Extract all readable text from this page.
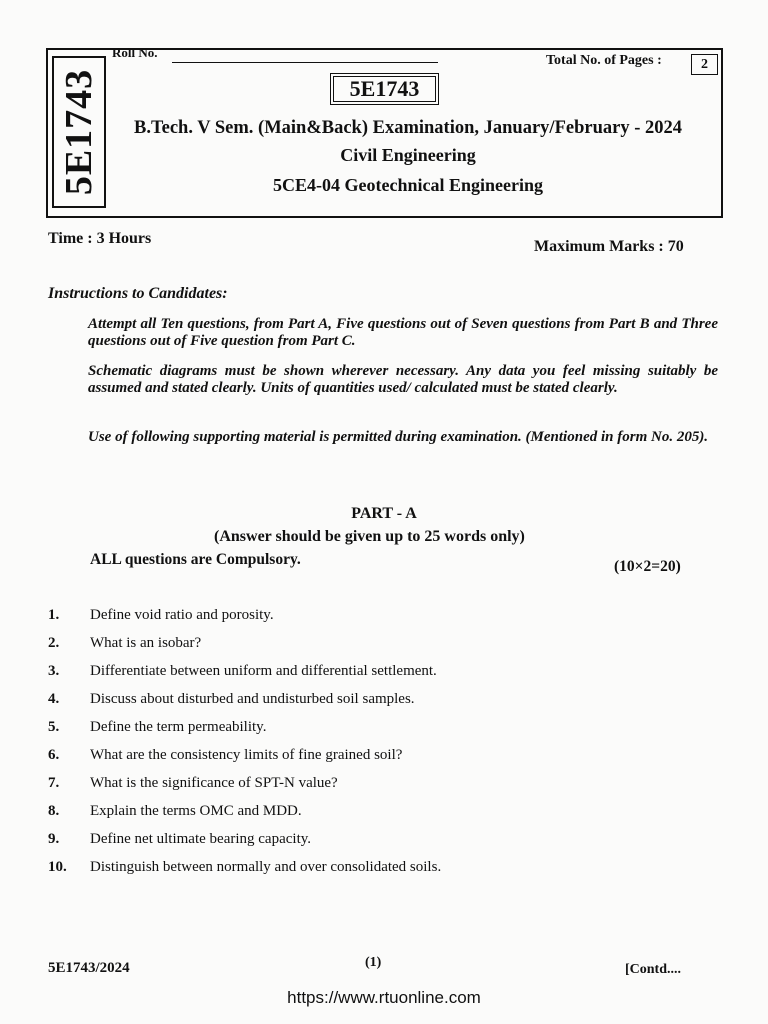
5E1743
Roll No.
Total No. of Pages :	2
5E1743
B.Tech. V Sem. (Main&Back) Examination, January/February - 2024
Civil Engineering
5CE4-04 Geotechnical Engineering
Time : 3 Hours	Maximum Marks : 70
Instructions to Candidates:
Attempt all Ten questions, from Part A, Five questions out of Seven questions from Part B and Three questions out of Five question from Part C.
Schematic diagrams must be shown wherever necessary. Any data you feel missing suitably be assumed and stated clearly. Units of quantities used/ calculated must be stated clearly.
Use of following supporting material is permitted during examination. (Mentioned in form No. 205).
PART - A
(Answer should be given up to 25 words only)
ALL questions are Compulsory.	(10×2=20)
1. Define void ratio and porosity.
2. What is an isobar?
3. Differentiate between uniform and differential settlement.
4. Discuss about disturbed and undisturbed soil samples.
5. Define the term permeability.
6. What are the consistency limits of fine grained soil?
7. What is the significance of SPT-N value?
8. Explain the terms OMC and MDD.
9. Define net ultimate bearing capacity.
10. Distinguish between normally and over consolidated soils.
5E1743/2024	(1)	[Contd....
https://www.rtuonline.com
